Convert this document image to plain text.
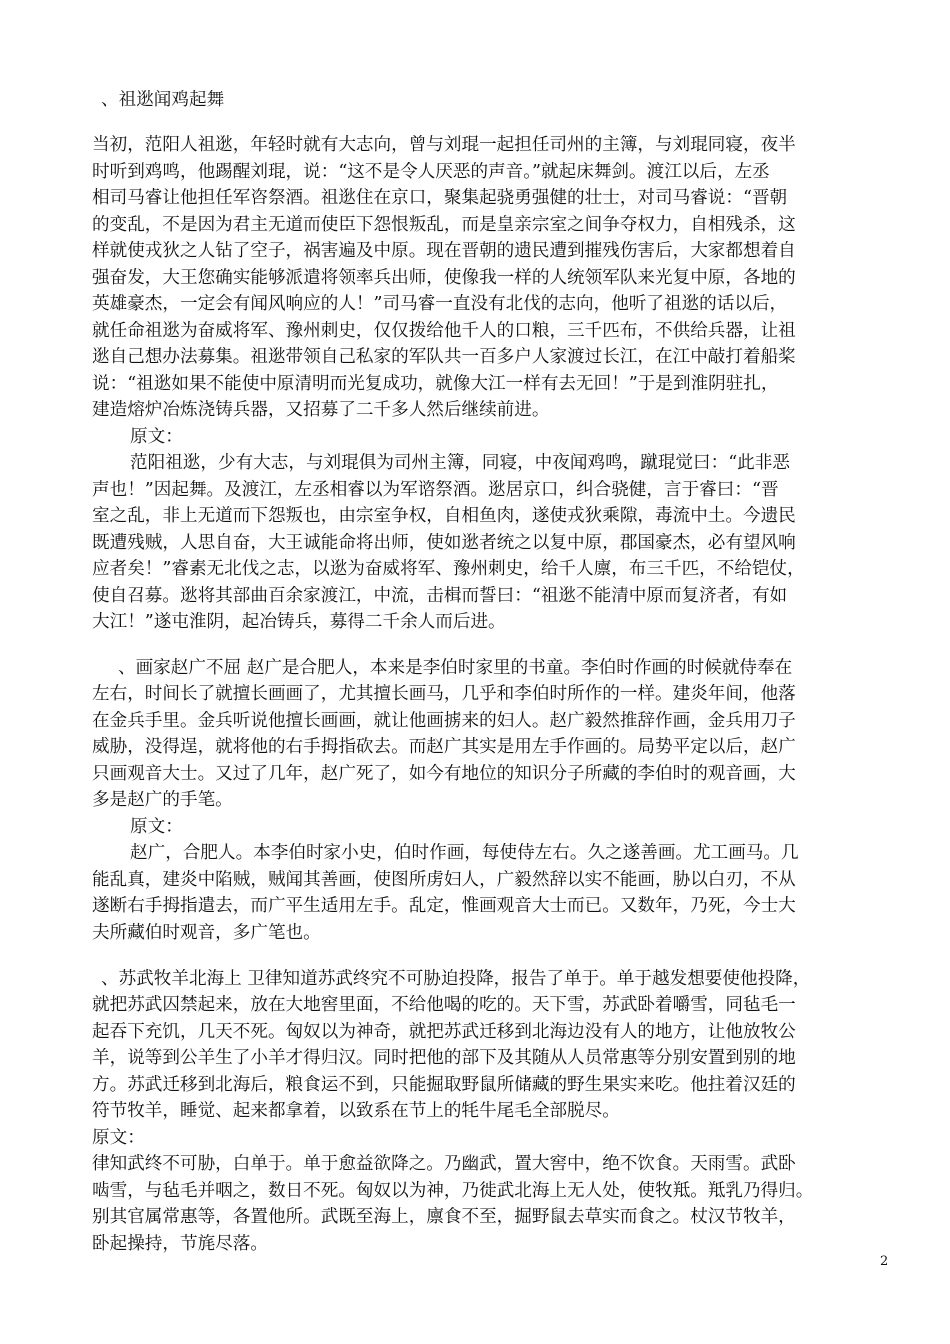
、祖逖闻鸡起舞
当初，范阳人祖逖，年轻时就有大志向，曾与刘琨一起担任司州的主簿，与刘琨同寝，夜半
时听到鸡鸣，他踢醒刘琨，说：“这不是令人厌恶的声音。”就起床舞剑。渡江以后，左丞
相司马睿让他担任军咨祭酒。祖逖住在京口，聚集起骁勇强健的壮士，对司马睿说：“晋朝
的变乱，不是因为君主无道而使臣下怨恨叛乱，而是皇亲宗室之间争夺权力，自相残杀，这
样就使戎狄之人钻了空子，祸害遍及中原。现在晋朝的遗民遭到摧残伤害后，大家都想着自
强奋发，大王您确实能够派遣将领率兵出师，使像我一样的人统领军队来光复中原，各地的
英雄豪杰，一定会有闻风响应的人！”司马睿一直没有北伐的志向，他听了祖逖的话以后，
就任命祖逖为奋威将军、豫州刺史，仅仅拨给他千人的口粮，三千匹布，不供给兵器，让祖
逖自己想办法募集。祖逖带领自己私家的军队共一百多户人家渡过长江，在江中敲打着船桨
说：“祖逖如果不能使中原清明而光复成功，就像大江一样有去无回！”于是到淮阴驻扎，
建造熔炉冶炼浇铸兵器，又招募了二千多人然后继续前进。
原文：
范阳祖逖，少有大志，与刘琨俱为司州主簿，同寝，中夜闻鸡鸣，蹴琨觉曰：“此非恶
声也！”因起舞。及渡江，左丞相睿以为军谘祭酒。逖居京口，纠合骁健，言于睿曰：“晋
室之乱，非上无道而下怨叛也，由宗室争权，自相鱼肉，遂使戎狄乘隙，毒流中土。今遗民
既遭残贼，人思自奋，大王诚能命将出师，使如逖者统之以复中原，郡国豪杰，必有望风响
应者矣！”睿素无北伐之志，以逖为奋威将军、豫州刺史，给千人廪，布三千匹，不给铠仗，
使自召募。逖将其部曲百余家渡江，中流，击楫而誓曰：“祖逖不能清中原而复济者，有如
大江！”遂屯淮阴，起冶铸兵，募得二千余人而后进。
、画家赵广不屈 赵广是合肥人，本来是李伯时家里的书童。李伯时作画的时候就侍奉在
左右，时间长了就擅长画画了，尤其擅长画马，几乎和李伯时所作的一样。建炎年间，他落
在金兵手里。金兵听说他擅长画画，就让他画掳来的妇人。赵广毅然推辞作画，金兵用刀子
威胁，没得逞，就将他的右手拇指砍去。而赵广其实是用左手作画的。局势平定以后，赵广
只画观音大士。又过了几年，赵广死了，如今有地位的知识分子所藏的李伯时的观音画，大
多是赵广的手笔。
原文：
赵广，合肥人。本李伯时家小史，伯时作画，每使侍左右。久之遂善画。尤工画马。几
能乱真，建炎中陷贼，贼闻其善画，使图所虏妇人，广毅然辞以实不能画，胁以白刃，不从
遂断右手拇指遣去，而广平生适用左手。乱定，惟画观音大士而已。又数年，乃死，今士大
夫所藏伯时观音，多广笔也。
、苏武牧羊北海上 卫律知道苏武终究不可胁迫投降，报告了单于。单于越发想要使他投降，
就把苏武囚禁起来，放在大地窖里面，不给他喝的吃的。天下雪，苏武卧着嚼雪，同毡毛一
起吞下充饥，几天不死。匈奴以为神奇，就把苏武迁移到北海边没有人的地方，让他放牧公
羊，说等到公羊生了小羊才得归汉。同时把他的部下及其随从人员常惠等分别安置到别的地
方。苏武迁移到北海后，粮食运不到，只能掘取野鼠所储藏的野生果实来吃。他拄着汉廷的
符节牧羊，睡觉、起来都拿着，以致系在节上的牦牛尾毛全部脱尽。
原文：
律知武终不可胁，白单于。单于愈益欲降之。乃幽武，置大窖中，绝不饮食。天雨雪。武卧
啮雪，与毡毛并咽之，数日不死。匈奴以为神，乃徙武北海上无人处，使牧羝。羝乳乃得归。
别其官属常惠等，各置他所。武既至海上，廪食不至，掘野鼠去草实而食之。杖汉节牧羊，
卧起操持，节旄尽落。
2
